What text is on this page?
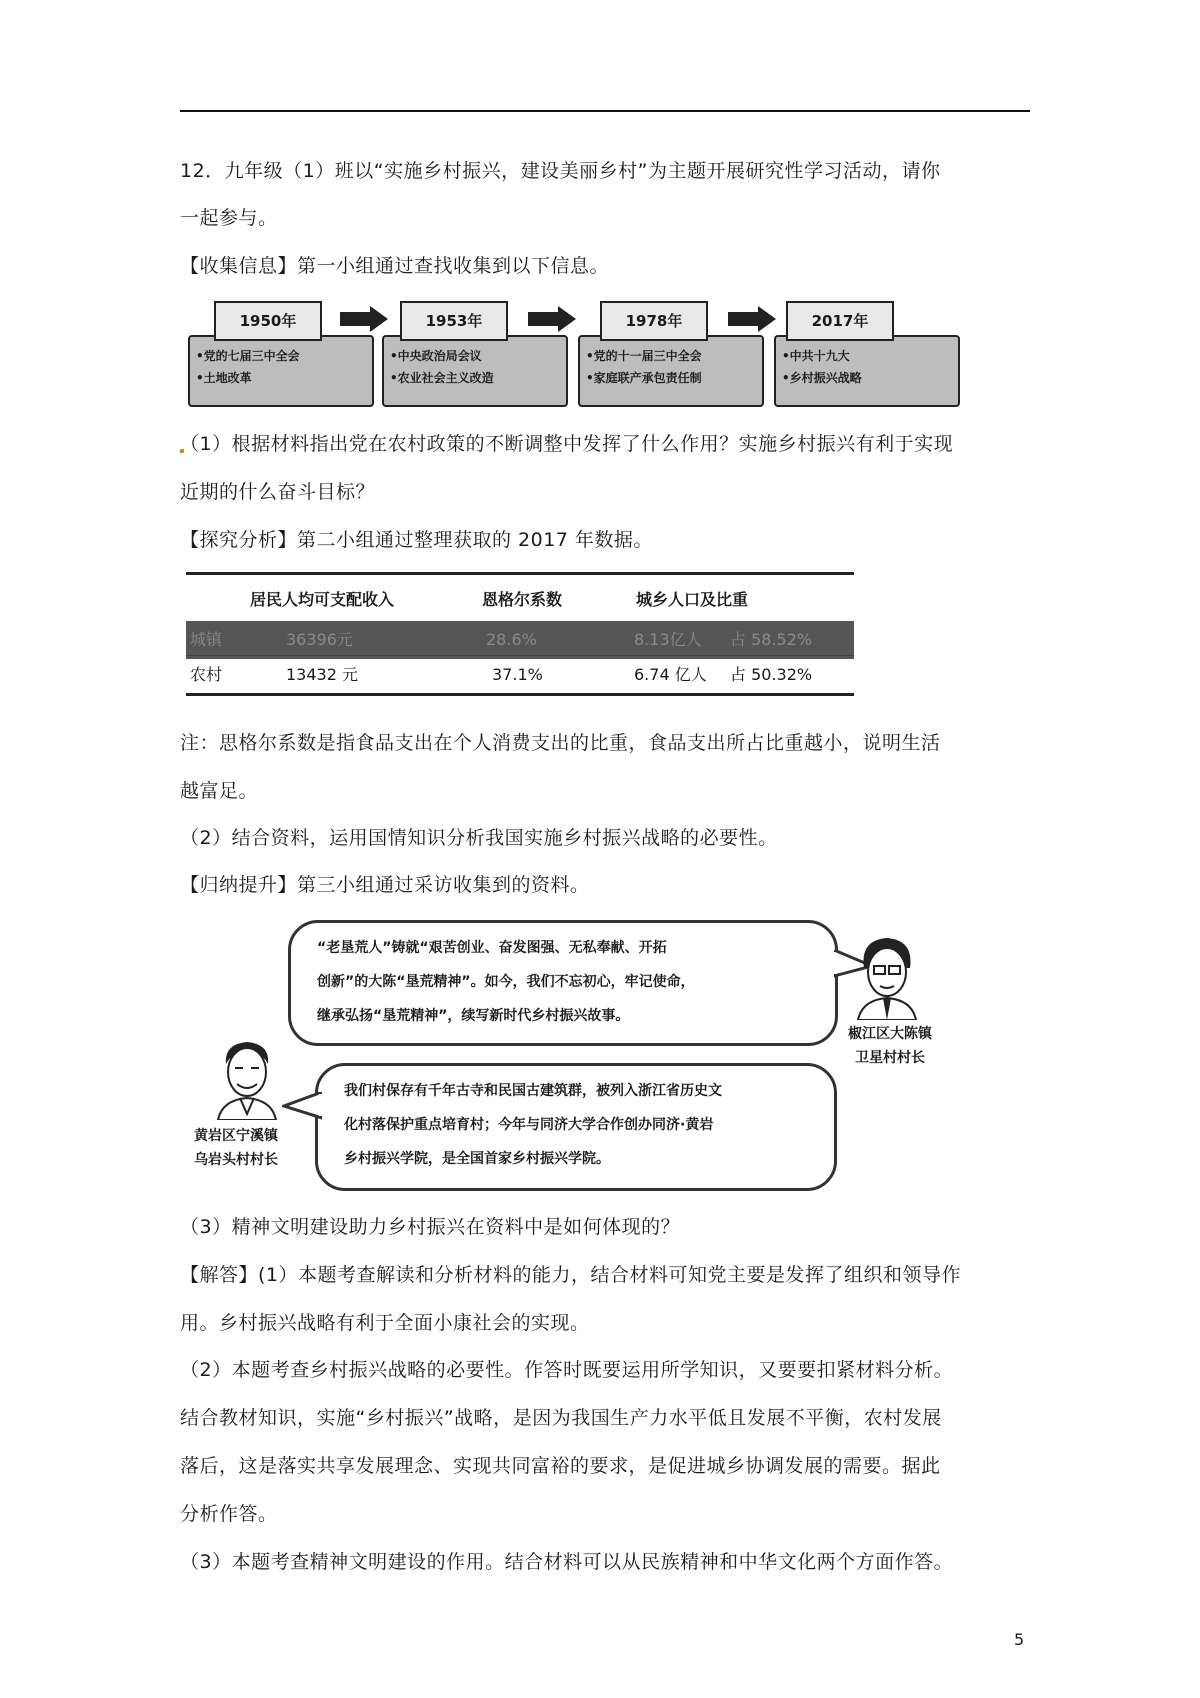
12．九年级（1）班以“实施乡村振兴，建设美丽乡村”为主题开展研究性学习活动，请你
一起参与。
【收集信息】第一小组通过查找收集到以下信息。
•党的七届三中全会
•土地改革
1950年
•中央政治局会议
•农业社会主义改造
1953年
•党的十一届三中全会
•家庭联产承包责任制
1978年
•中共十九大
•乡村振兴战略
2017年
（1）根据材料指出党在农村政策的不断调整中发挥了什么作用？实施乡村振兴有利于实现
近期的什么奋斗目标？
【探究分析】第二小组通过整理获取的 2017 年数据。
居民人均可支配收入	恩格尔系数	城乡人口及比重
城镇	36396元	28.6%	8.13亿人 占 58.52%
农村	13432 元	37.1%	6.74 亿人 占 50.32%
注：思格尔系数是指食品支出在个人消费支出的比重，食品支出所占比重越小，说明生活
越富足。
（2）结合资料，运用国情知识分析我国实施乡村振兴战略的必要性。
【归纳提升】第三小组通过采访收集到的资料。
“老垦荒人”铸就“艰苦创业、奋发图强、无私奉献、开拓
创新”的大陈“垦荒精神”。如今，我们不忘初心，牢记使命，
继承弘扬“垦荒精神”，续写新时代乡村振兴故事。
椒江区大陈镇
卫星村村长
我们村保存有千年古寺和民国古建筑群，被列入浙江省历史文
化村落保护重点培育村；今年与同济大学合作创办同济·黄岩
乡村振兴学院，是全国首家乡村振兴学院。
黄岩区宁溪镇
乌岩头村村长
（3）精神文明建设助力乡村振兴在资料中是如何体现的？
【解答】(1）本题考查解读和分析材料的能力，结合材料可知党主要是发挥了组织和领导作
用。乡村振兴战略有利于全面小康社会的实现。
（2）本题考查乡村振兴战略的必要性。作答时既要运用所学知识，又要要扣紧材料分析。
结合教材知识，实施“乡村振兴”战略，是因为我国生产力水平低且发展不平衡，农村发展
落后，这是落实共享发展理念、实现共同富裕的要求，是促进城乡协调发展的需要。据此
分析作答。
（3）本题考查精神文明建设的作用。结合材料可以从民族精神和中华文化两个方面作答。
5
